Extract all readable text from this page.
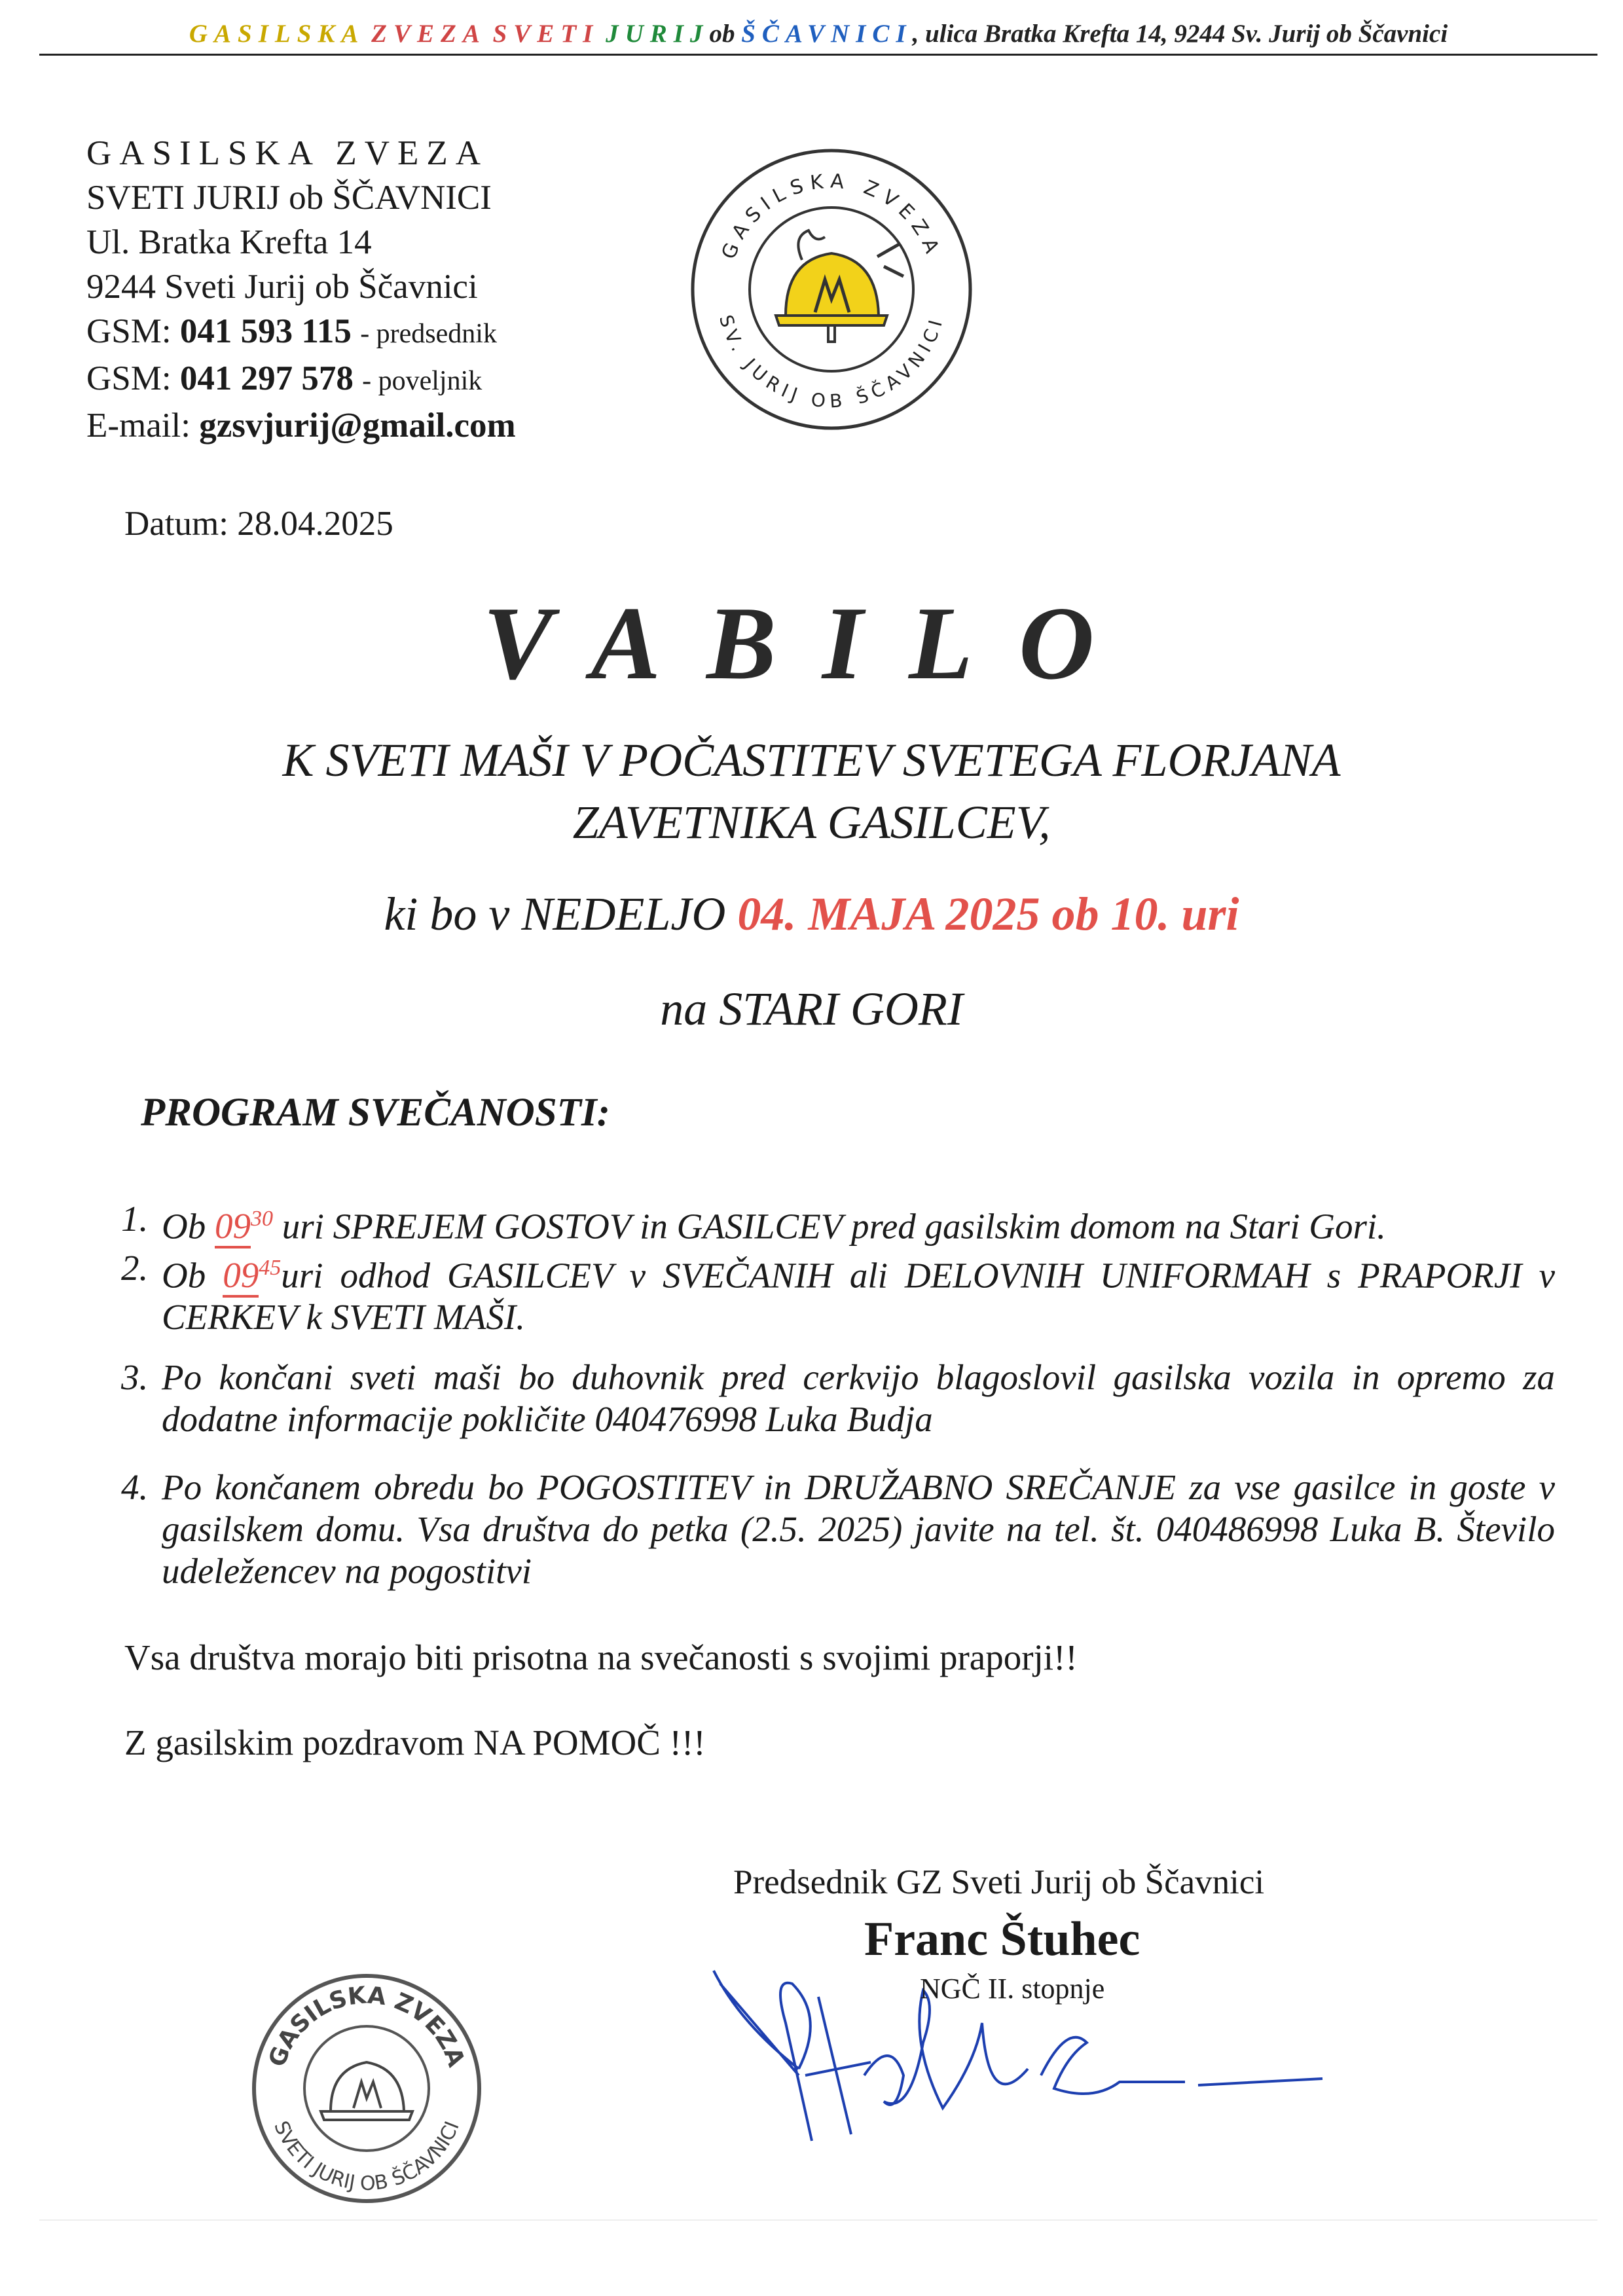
GASILSKA ZVEZA SVETI JURIJob ŠČAVNICI, ulica Bratka Krefta 14, 9244 Sv. Jurij ob Ščavnici
GASILSKA ZVEZA
SVETI JURIJ ob ŠČAVNICI
Ul. Bratka Krefta 14
9244 Sveti Jurij ob Ščavnici
GSM: 041 593 115 - predsednik
GSM: 041 297 578 - poveljnik
E-mail: gzsvjurij@gmail.com
GASILSKA ZVEZA
SV. JURIJ OB ŠČAVNICI
Datum: 28.04.2025
VABILO
K SVETI MAŠI V POČASTITEV SVETEGA FLORJANA
ZAVETNIKA GASILCEV,
ki bo v NEDELJO 04. MAJA 2025 ob 10. uri
na STARI GORI
PROGRAM SVEČANOSTI:
1. Ob $09^{30}$ uri SPREJEM GOSTOV in GASILCEV pred gasilskim domom na Stari Gori.
2. Ob $09^{45}uri$ odhod GASILCEV v SVEČANIH ali DELOVNIH UNIFORMAH s PRAPORJI v CERKEV k SVETI MAŠI.
3. Po končani sveti maši bo duhovnik pred cerkvijo blagoslovil gasilska vozila in opremo za dodatne informacije pokličite 040476998 Luka Budja
4. Po končanem obredu bo POGOSTITEV in DRUŽABNO SREČANJE za vse gasilce in goste v gasilskem domu. Vsa društva do petka (2.5. 2025) javite na tel. št. 040486998 Luka B. Število udeležencev na pogostitvi
Vsa društva morajo biti prisotna na svečanosti s svojimi praporji!!
Z gasilskim pozdravom NA POMOČ !!!
Predsednik GZ Sveti Jurij ob Ščavnici
Franc Štuhec
NGČ II. stopnje
GASILSKA ZVEZA
SVETI JURIJ OB ŠČAVNICI
